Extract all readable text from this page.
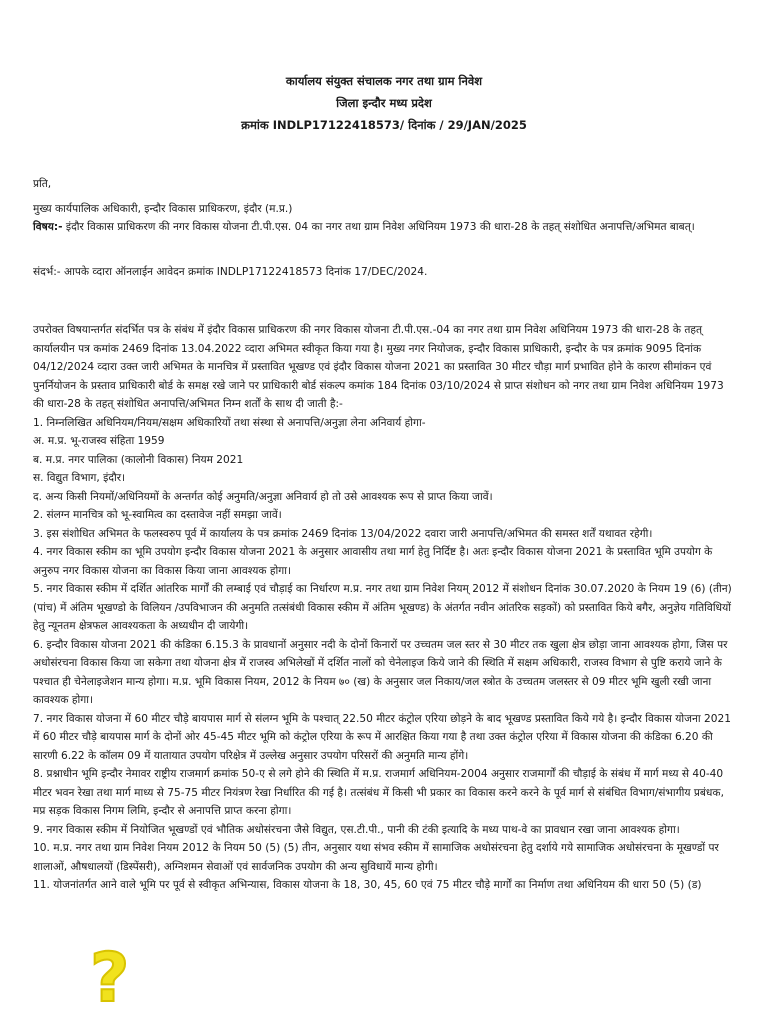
कार्यालय संयुक्त संचालक नगर तथा ग्राम निवेश
जिला इन्दौर मध्य प्रदेश
क्रमांक INDLP17122418573/ दिनांक / 29/JAN/2025
प्रति,
मुख्य कार्यपालिक अधिकारी, इन्दौर विकास प्राधिकरण, इंदौर (म.प्र.)
विषय:- इंदौर विकास प्राधिकरण की नगर विकास योजना टी.पी.एस. 04 का नगर तथा ग्राम निवेश अधिनियम 1973 की धारा-28 के तहत् संशोधित अनापत्ति/अभिमत बाबत्।
संदर्भ:- आपके व्दारा ऑनलाईन आवेदन क्रमांक INDLP17122418573 दिनांक 17/DEC/2024.

उपरोक्त विषयान्तर्गत संदर्भित पत्र के संबंध में इंदौर विकास प्राधिकरण की नगर विकास योजना टी.पी.एस.-04 का नगर तथा ग्राम निवेश अधिनियम 1973 की धारा-28 के तहत् कार्यालयीन पत्र कमांक 2469 दिनांक 13.04.2022 व्दारा अभिमत स्वीकृत किया गया है। मुख्य नगर नियोजक, इन्दौर विकास प्राधिकारी, इन्दौर के पत्र क्रमांक 9095 दिनांक 04/12/2024 व्दारा उक्त जारी अभिमत के मानचित्र में प्रस्तावित भूखण्ड एवं इंदौर विकास योजना 2021 का प्रस्तावित 30 मीटर चौड़ा मार्ग प्रभावित होने के कारण सीमांकन एवं पुनर्नियोजन के प्रस्ताव प्राधिकारी बोर्ड के समक्ष रखे जाने पर प्राधिकारी बोर्ड संकल्प कमांक 184 दिनांक 03/10/2024 से प्राप्त संशोधन को नगर तथा ग्राम निवेश अधिनियम 1973 की धारा-28 के तहत् संशोधित अनापत्ति/अभिमत निम्न शर्तों के साथ दी जाती है:-

1. निम्नलिखित अधिनियम/नियम/सक्षम अधिकारियों तथा संस्था से अनापत्ति/अनुज्ञा लेना अनिवार्य होगा-

अ. म.प्र. भू-राजस्व संहिता 1959

ब. म.प्र. नगर पालिका (कालोनी विकास) नियम 2021

स. विद्युत विभाग, इंदौर।

द. अन्य किसी नियमों/अधिनियमों के अन्तर्गत कोई अनुमति/अनुज्ञा अनिवार्य हो तो उसे आवश्यक रूप से प्राप्त किया जावें।

2. संलग्न मानचित्र को भू-स्वामित्व का दस्तावेज नहीं समझा जावें।

3. इस संशोधित अभिमत के फलस्वरुप पूर्व में कार्यालय के पत्र क्रमांक 2469 दिनांक 13/04/2022 दवारा जारी अनापत्ति/अभिमत की समस्त शर्तें यथावत रहेगी।

4. नगर विकास स्कीम का भूमि उपयोग इन्दौर विकास योजना 2021 के अनुसार आवासीय तथा मार्ग हेतु निर्दिष्ट है। अतः इन्दौर विकास योजना 2021 के प्रस्तावित भूमि उपयोग के अनुरुप नगर विकास योजना का विकास किया जाना आवश्यक होगा।

5. नगर विकास स्कीम में दर्शित आंतरिक मार्गों की लम्बाई एवं चौड़ाई का निर्धारण म.प्र. नगर तथा ग्राम निवेश नियम् 2012 में संशोधन दिनांक 30.07.2020 के नियम 19 (6) (तीन) (पांच) में अंतिम भूखण्डो के विलियन /उपविभाजन की अनुमति तत्संबंधी विकास स्कीम में अंतिम भूखण्ड) के अंतर्गत नवीन आंतरिक सड़कों) को प्रस्तावित किये बगैर, अनुज्ञेय गतिविधियों हेतु न्यूनतम क्षेत्रफल आवश्यकता के अध्यधीन दी जायेगी।

6. इन्दौर विकास योजना 2021 की कंडिका 6.15.3 के प्रावधानों अनुसार नदी के दोनों किनारों पर उच्चतम जल स्तर से 30 मीटर तक खुला क्षेत्र छोड़ा जाना आवश्यक होगा, जिस पर अधोसंरचना विकास किया जा सकेगा तथा योजना क्षेत्र में राजस्व अभिलेखों में दर्शित नालों को चेनेलाइज किये जाने की स्थिति में सक्षम अधिकारी, राजस्व विभाग से पुष्टि कराये जाने के पश्चात ही चेनेलाइजेशन मान्य होगा। म.प्र. भूमि विकास नियम, 2012 के नियम ७० (ख) के अनुसार जल निकाय/जल स्त्रोत के उच्चतम जलस्तर से 09 मीटर भूमि खुली रखी जाना कावश्यक होगा।

7. नगर विकास योजना में 60 मीटर चौड़े बायपास मार्ग से संलग्न भूमि के पश्चात् 22.50 मीटर कंट्रोल एरिया छोड़ने के बाद भूखण्ड प्रस्तावित किये गये है। इन्दौर विकास योजना 2021 में 60 मीटर चौड़े बायपास मार्ग के दोनों ओर 45-45 मीटर भूमि को कंट्रोल एरिया के रूप में आरक्षित किया गया है तथा उक्त कंट्रोल एरिया में विकास योजना की कंडिका 6.20 की सारणी 6.22 के कॉलम 09 में यातायात उपयोग परिक्षेत्र में उल्लेख अनुसार उपयोग परिसरों की अनुमति मान्य होंगे।

8. प्रश्नाधीन भूमि इन्दौर नेमावर राष्ट्रीय राजमार्ग क्रमांक 50-ए से लगे होने की स्थिति में म.प्र. राजमार्ग अधिनियम-2004 अनुसार राजमार्गों की चौड़ाई के संबंध में मार्ग मध्य से 40-40 मीटर भवन रेखा तथा मार्ग माध्य से 75-75 मीटर नियंत्रण रेखा निर्धारित की गई है। तत्संबंध में किसी भी प्रकार का विकास करने करने के पूर्व मार्ग से संबंधित विभाग/संभागीय प्रबंधक, मप्र सड़क विकास निगम लिमि, इन्दौर से अनापत्ति प्राप्त करना होगा।

9. नगर विकास स्कीम में नियोजित भूखण्डों एवं भौतिक अधोसंरचना जैसे विद्युत, एस.टी.पी., पानी की टंकी इत्यादि के मध्य पाथ-वे का प्रावधान रखा जाना आवश्यक होगा।

10. म.प्र. नगर तथा ग्राम निवेश नियम 2012 के नियम 50 (5) (5) तीन, अनुसार यथा संभव स्कीम में सामाजिक अधोसंरचना हेतु दर्शाये गये सामाजिक अधोसंरचना के मूखण्डों पर शालाओं, औषधालयों (डिस्पेंसरी), अग्निशमन सेवाओं एवं सार्वजनिक उपयोग की अन्य सुविधायें मान्य होगी।

11. योजनांतर्गत आने वाले भूमि पर पूर्व से स्वीकृत अभिन्यास, विकास योजना के 18, 30, 45, 60 एवं 75 मीटर चौड़े मार्गों का निर्माण तथा अधिनियम की धारा 50 (5) (ड)

?
